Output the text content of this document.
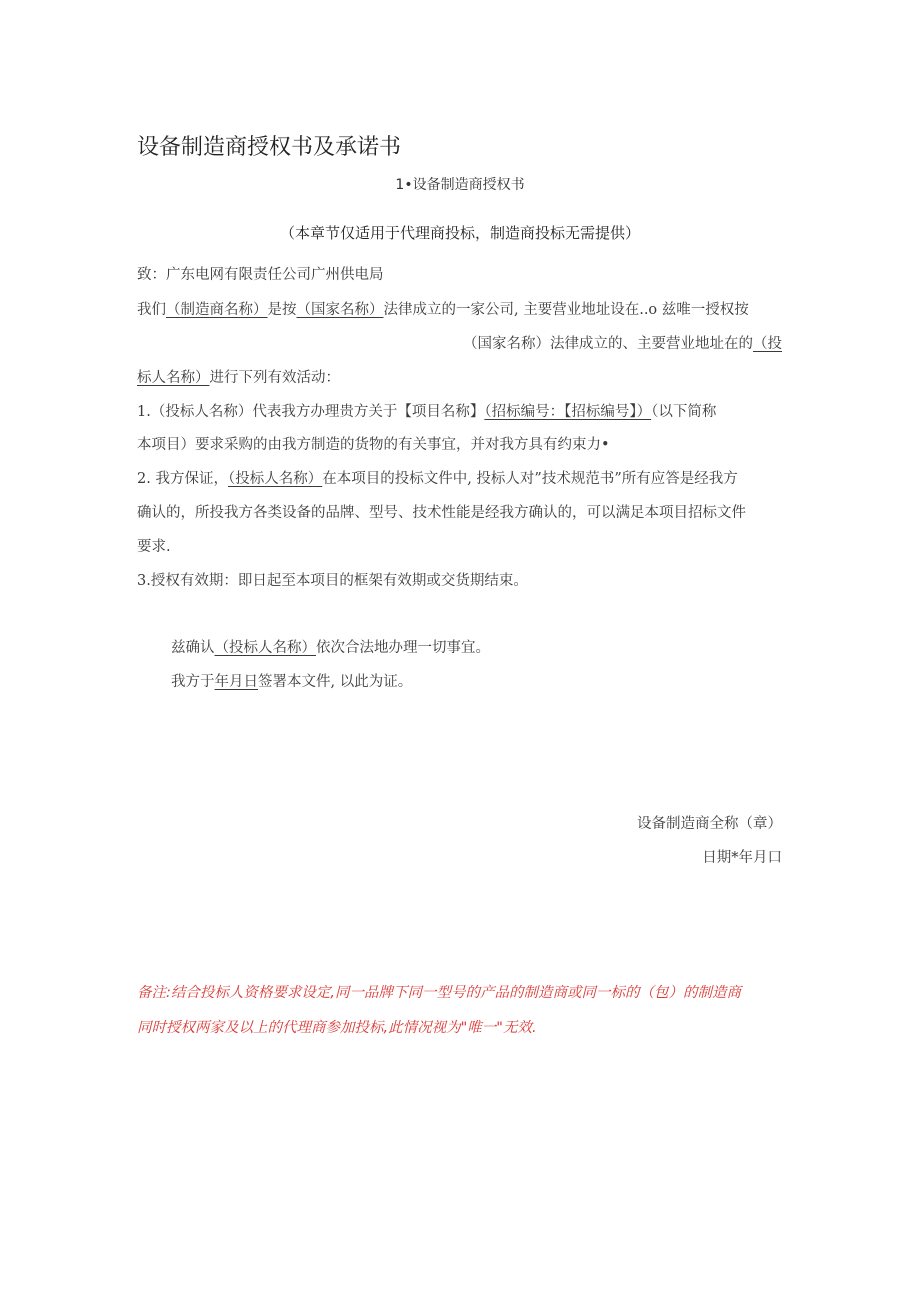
设备制造商授权书及承诺书
1•设备制造商授权书
（本章节仅适用于代理商投标，制造商投标无需提供）
致：广东电网有限责任公司广州供电局
我们（制造商名称）是按（国家名称）法律成立的一家公司, 主要营业地址设在..o 兹唯一授权按
（国家名称）法律成立的、主要营业地址在的（投
标人名称）进行下列有效活动：
1.（投标人名称）代表我方办理贵方关于【项目名称】（招标编号：【招标编号】）（以下简称
本项目）要求采购的由我方制造的货物的有关事宜，并对我方具有约束力•
2. 我方保证，（投标人名称）在本项目的投标文件中, 投标人对”技术规范书”所有应答是经我方
确认的，所投我方各类设备的品牌、型号、技术性能是经我方确认的，可以满足本项目招标文件
要求.
3.授权有效期：即日起至本项目的框架有效期或交货期结束。
兹确认（投标人名称）依次合法地办理一切事宜。
我方于年月日签署本文件, 以此为证。
设备制造商全称（章）
日期*年月口
备注:结合投标人资格要求设定,同一品牌下同一型号的产品的制造商或同一标的（包）的制造商
同时授权两家及以上的代理商参加投标,此情况视为"唯一"无效.
